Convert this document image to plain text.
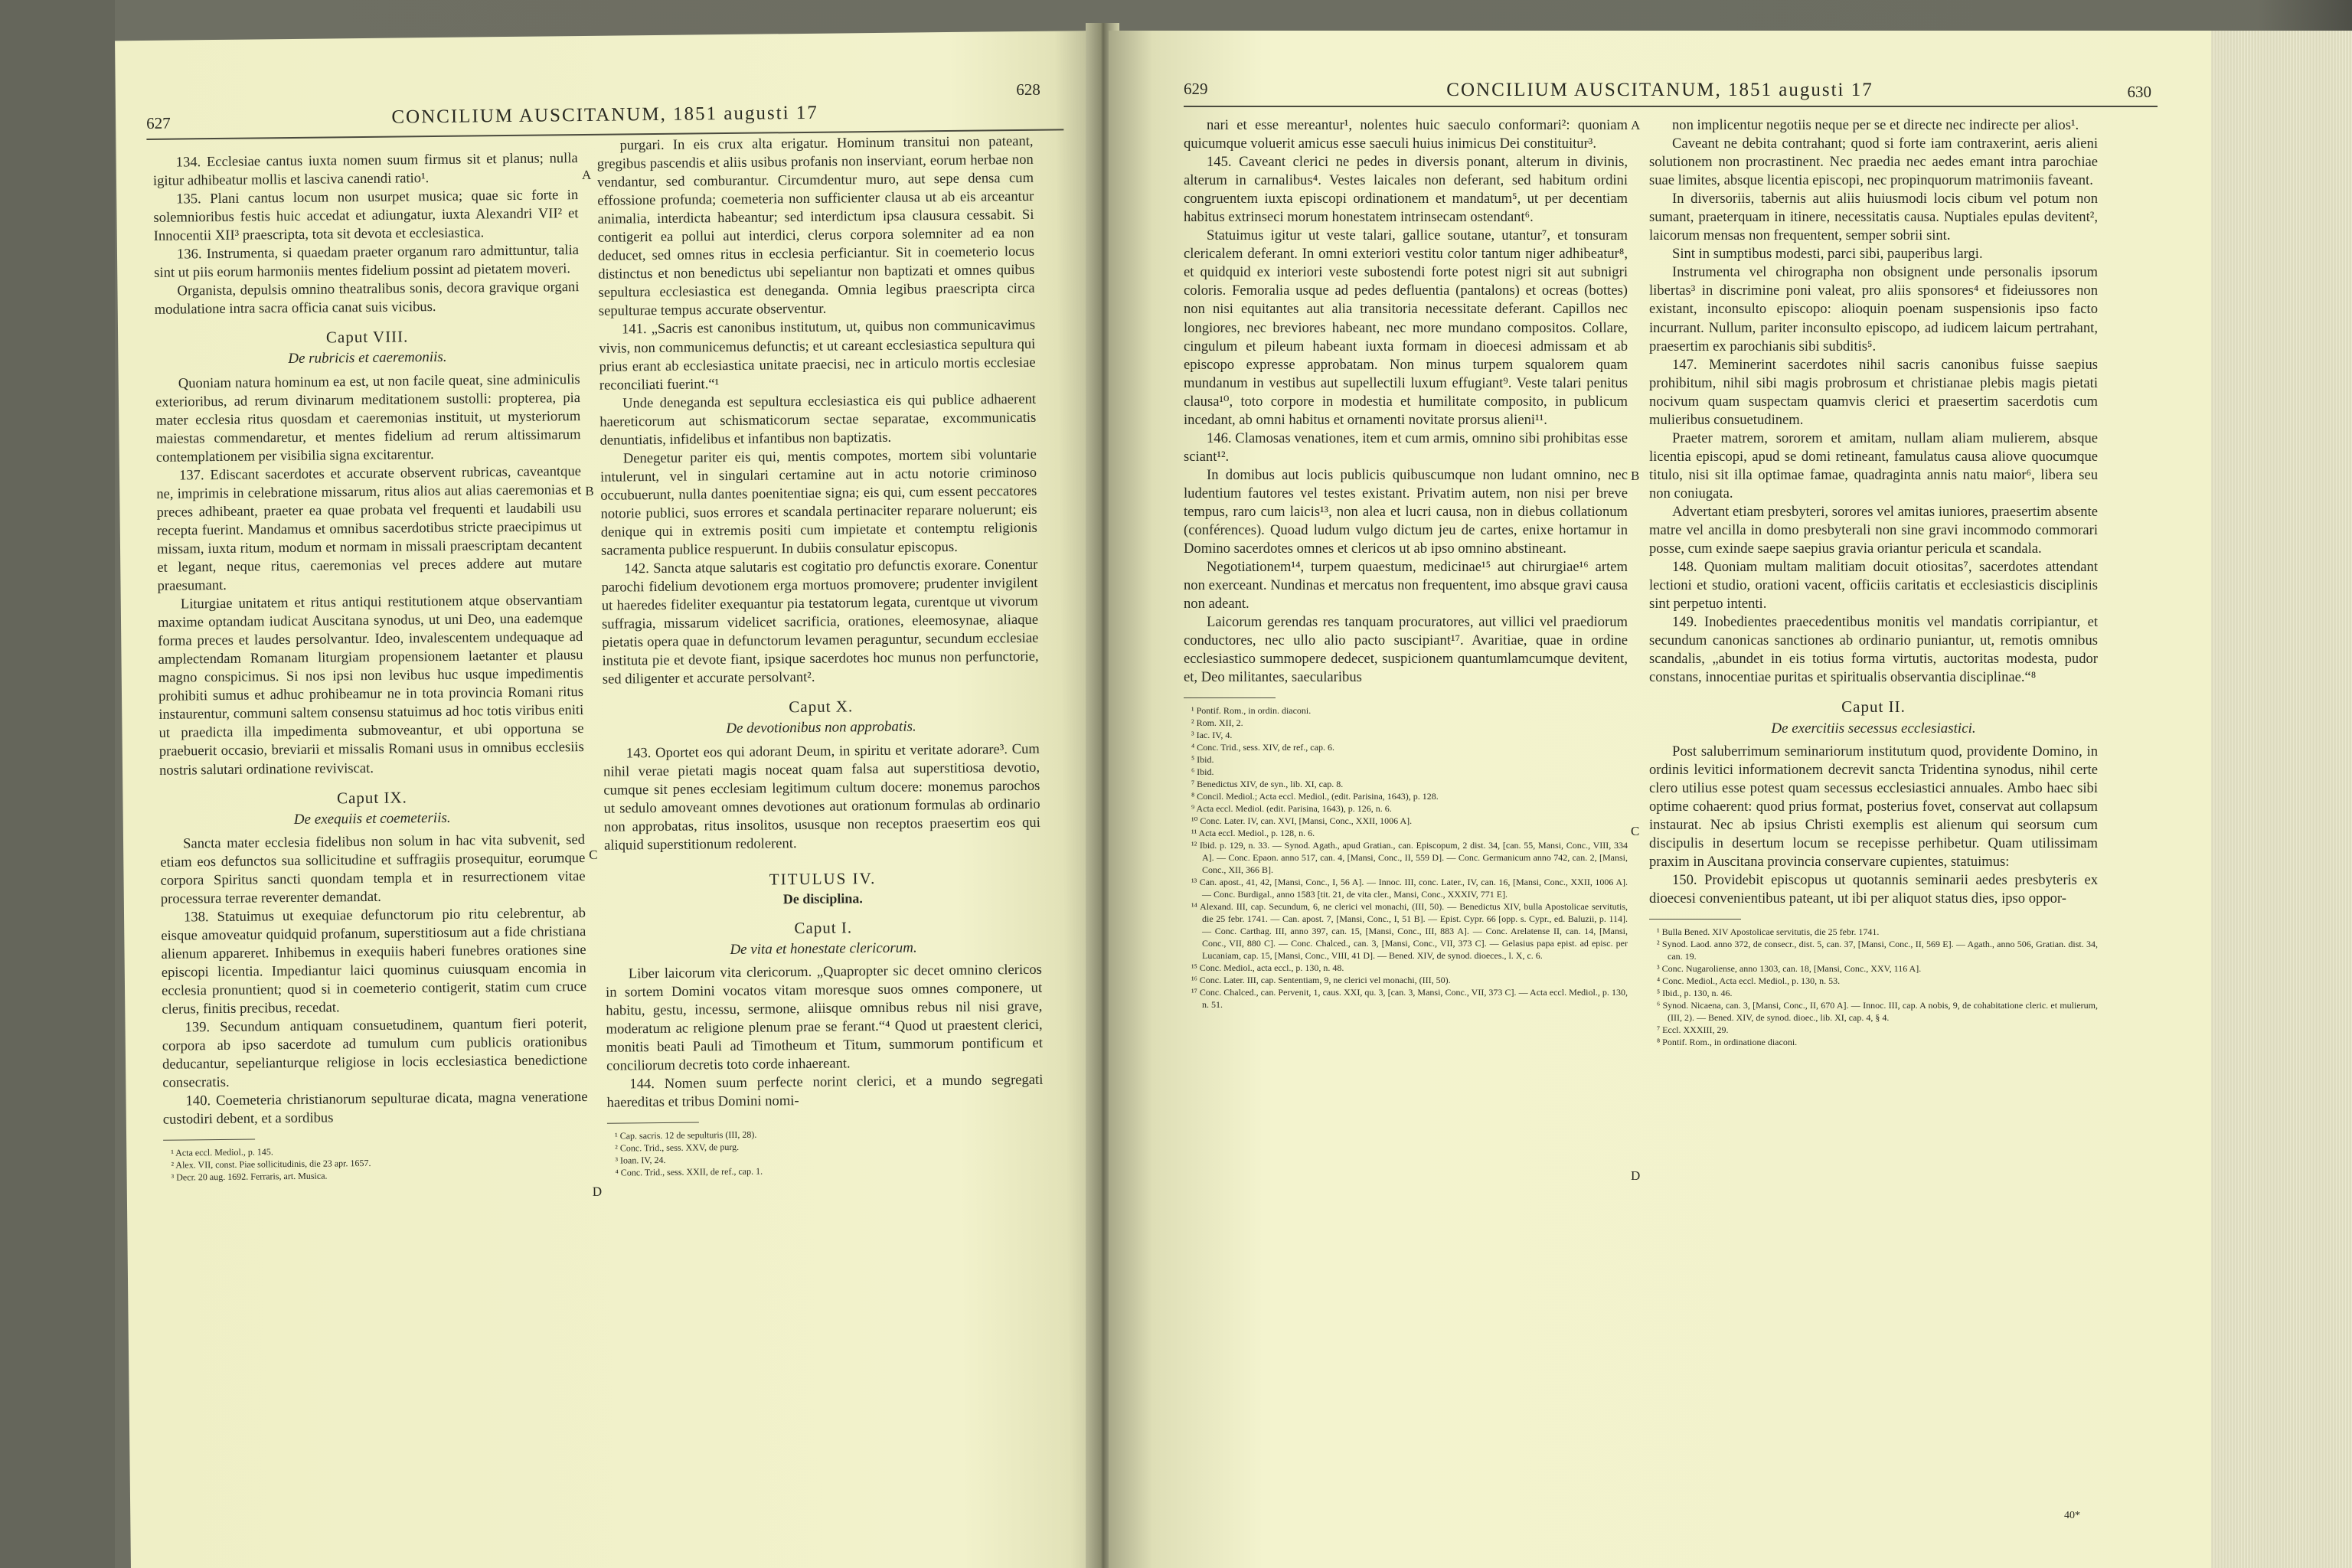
627	CONCILIUM AUSCITANUM, 1851 augusti 17
628

134. Ecclesiae cantus iuxta nomen suum firmus sit et planus; nulla igitur adhibeatur mollis et lasciva canendi ratio¹.

135. Plani cantus locum non usurpet musica; quae sic forte in solemnioribus festis huic accedat et adiungatur, iuxta Alexandri VII² et Innocentii XII³ praescripta, tota sit devota et ecclesiastica.

136. Instrumenta, si quaedam praeter organum raro admittuntur, talia sint ut piis eorum harmoniis mentes fidelium possint ad pietatem moveri.

Organista, depulsis omnino theatralibus sonis, decora gravique organi modulatione intra sacra officia canat suis vicibus.

Caput VIII.
De rubricis et caeremoniis.

Quoniam natura hominum ea est, ut non facile queat, sine adminiculis exterioribus, ad rerum divinarum meditationem sustolli: propterea, pia mater ecclesia ritus quosdam et caeremonias instituit, ut mysteriorum maiestas commendaretur, et mentes fidelium ad rerum altissimarum contemplationem per visibilia signa excitarentur.

137. Ediscant sacerdotes et accurate observent rubricas, caveantque ne, imprimis in celebratione missarum, ritus alios aut alias caeremonias et preces adhibeant, praeter ea quae probata vel frequenti et laudabili usu recepta fuerint. Mandamus et omnibus sacerdotibus stricte praecipimus ut missam, iuxta ritum, modum et normam in missali praescriptam decantent et legant, neque ritus, caeremonias vel preces addere aut mutare praesumant.

Liturgiae unitatem et ritus antiqui restitutionem atque observantiam maxime optandam iudicat Auscitana synodus, ut uni Deo, una eademque forma preces et laudes persolvantur. Ideo, invalescentem undequaque ad amplectendam Romanam liturgiam propensionem laetanter et plausu magno conspicimus. Si nos ipsi non levibus huc usque impedimentis prohibiti sumus et adhuc prohibeamur ne in tota provincia Romani ritus instaurentur, communi saltem consensu statuimus ad hoc totis viribus eniti ut praedicta illa impedimenta submoveantur, et ubi opportuna se praebuerit occasio, breviarii et missalis Romani usus in omnibus ecclesiis nostris salutari ordinatione reviviscat.

Caput IX.
De exequiis et coemeteriis.

Sancta mater ecclesia fidelibus non solum in hac vita subvenit, sed etiam eos defunctos sua sollicitudine et suffragiis prosequitur, eorumque corpora Spiritus sancti quondam templa et in resurrectionem vitae processura terrae reverenter demandat.

138. Statuimus ut exequiae defunctorum pio ritu celebrentur, ab eisque amoveatur quidquid profanum, superstitiosum aut a fide christiana alienum appareret. Inhibemus in exequiis haberi funebres orationes sine episcopi licentia. Impediantur laici quominus cuiusquam encomia in ecclesia pronuntient; quod si in coemeterio contigerit, statim cum cruce clerus, finitis precibus, recedat.

139. Secundum antiquam consuetudinem, quantum fieri poterit, corpora ab ipso sacerdote ad tumulum cum publicis orationibus deducantur, sepelianturque religiose in locis ecclesiastica benedictione consecratis.

140. Coemeteria christianorum sepulturae dicata, magna veneratione custodiri debent, et a sordibus

¹ Acta eccl. Mediol., p. 145.
² Alex. VII, const. Piae sollicitudinis, die 23 apr. 1657.
³ Decr. 20 aug. 1692. Ferraris, art. Musica.

purgari. In eis crux alta erigatur. Hominum transitui non pateant, gregibus pascendis et aliis usibus profanis non inserviant, eorum herbae non vendantur, sed comburantur. Circumdentur muro, aut sepe densa cum effossione profunda; coemeteria non sufficienter clausa ut ab eis arceantur animalia, interdicta habeantur; sed interdictum ipsa clausura cessabit. Si contigerit ea pollui aut interdici, clerus corpora solemniter ad ea non deducet, sed omnes ritus in ecclesia perficiantur. Sit in coemeterio locus distinctus et non benedictus ubi sepeliantur non baptizati et omnes quibus sepultura ecclesiastica est deneganda. Omnia legibus praescripta circa sepulturae tempus accurate observentur.

141. „Sacris est canonibus institutum, ut, quibus non communicavimus vivis, non communicemus defunctis; et ut careant ecclesiastica sepultura qui prius erant ab ecclesiastica unitate praecisi, nec in articulo mortis ecclesiae reconciliati fuerint.“¹

Unde deneganda est sepultura ecclesiastica eis qui publice adhaerent haereticorum aut schismaticorum sectae separatae, excommunicatis denuntiatis, infidelibus et infantibus non baptizatis.

Denegetur pariter eis qui, mentis compotes, mortem sibi voluntarie intulerunt, vel in singulari certamine aut in actu notorie criminoso occubuerunt, nulla dantes poenitentiae signa; eis qui, cum essent peccatores notorie publici, suos errores et scandala pertinaciter reparare noluerunt; eis denique qui in extremis positi cum impietate et contemptu religionis sacramenta publice respuerunt. In dubiis consulatur episcopus.

142. Sancta atque salutaris est cogitatio pro defunctis exorare. Conentur parochi fidelium devotionem erga mortuos promovere; prudenter invigilent ut haeredes fideliter exequantur pia testatorum legata, curentque ut vivorum suffragia, missarum videlicet sacrificia, orationes, eleemosynae, aliaque pietatis opera quae in defunctorum levamen peraguntur, secundum ecclesiae instituta pie et devote fiant, ipsique sacerdotes hoc munus non perfunctorie, sed diligenter et accurate persolvant².

Caput X.
De devotionibus non approbatis.

143. Oportet eos qui adorant Deum, in spiritu et veritate adorare³. Cum nihil verae pietati magis noceat quam falsa aut superstitiosa devotio, cumque sit penes ecclesiam legitimum cultum docere: monemus parochos ut sedulo amoveant omnes devotiones aut orationum formulas ab ordinario non approbatas, ritus insolitos, ususque non receptos praesertim eos qui aliquid superstitionum redolerent.

TITULUS IV.
De disciplina.
Caput I.
De vita et honestate clericorum.

Liber laicorum vita clericorum. „Quapropter sic decet omnino clericos in sortem Domini vocatos vitam moresque suos omnes componere, ut habitu, gestu, incessu, sermone, aliisque omnibus rebus nil nisi grave, moderatum ac religione plenum prae se ferant.“⁴ Quod ut praestent clerici, monitis beati Pauli ad Timotheum et Titum, summorum pontificum et conciliorum decretis toto corde inhaereant.

144. Nomen suum perfecte norint clerici, et a mundo segregati haereditas et tribus Domini nomi-

¹ Cap. sacris. 12 de sepulturis (III, 28).
² Conc. Trid., sess. XXV, de purg.
³ Ioan. IV, 24.
⁴ Conc. Trid., sess. XXII, de ref., cap. 1.
A
B
C
D
629	CONCILIUM AUSCITANUM, 1851 augusti 17	630

nari et esse mereantur¹, nolentes huic saeculo conformari²: quoniam quicumque voluerit amicus esse saeculi huius inimicus Dei constituitur³.

145. Caveant clerici ne pedes in diversis ponant, alterum in divinis, alterum in carnalibus⁴. Vestes laicales non deferant, sed habitum ordini congruentem iuxta episcopi ordinationem et mandatum⁵, ut per decentiam habitus extrinseci morum honestatem intrinsecam ostendant⁶.

Statuimus igitur ut veste talari, gallice soutane, utantur⁷, et tonsuram clericalem deferant. In omni exteriori vestitu color tantum niger adhibeatur⁸, et quidquid ex interiori veste subostendi forte potest nigri sit aut subnigri coloris. Femoralia usque ad pedes defluentia (pantalons) et ocreas (bottes) non nisi equitantes aut alia transitoria necessitate deferant. Capillos nec longiores, nec breviores habeant, nec more mundano compositos. Collare, cingulum et pileum habeant iuxta formam in dioecesi admissam et ab episcopo expresse approbatam. Non minus turpem squalorem quam mundanum in vestibus aut supellectili luxum effugiant⁹. Veste talari penitus clausa¹⁰, toto corpore in modestia et humilitate composito, in publicum incedant, ab omni habitus et ornamenti novitate prorsus alieni¹¹.

146. Clamosas venationes, item et cum armis, omnino sibi prohibitas esse sciant¹².

In domibus aut locis publicis quibuscumque non ludant omnino, nec ludentium fautores vel testes existant. Privatim autem, non nisi per breve tempus, raro cum laicis¹³, non alea et lucri causa, non in diebus collationum (conférences). Quoad ludum vulgo dictum jeu de cartes, enixe hortamur in Domino sacerdotes omnes et clericos ut ab ipso omnino abstineant.

Negotiationem¹⁴, turpem quaestum, medicinae¹⁵ aut chirurgiae¹⁶ artem non exerceant. Nundinas et mercatus non frequentent, imo absque gravi causa non adeant.

Laicorum gerendas res tanquam procuratores, aut villici vel praediorum conductores, nec ullo alio pacto suscipiant¹⁷. Avaritiae, quae in ordine ecclesiastico summopere dedecet, suspicionem quantumlamcumque devitent, et, Deo militantes, saecularibus

¹ Pontif. Rom., in ordin. diaconi.
² Rom. XII, 2.
³ Iac. IV, 4.
⁴ Conc. Trid., sess. XIV, de ref., cap. 6.
⁵ Ibid.
⁶ Ibid.
⁷ Benedictus XIV, de syn., lib. XI, cap. 8.
⁸ Concil. Mediol.; Acta eccl. Mediol., (edit. Parisina, 1643), p. 128.
⁹ Acta eccl. Mediol. (edit. Parisina, 1643), p. 126, n. 6.
¹⁰ Conc. Later. IV, can. XVI, [Mansi, Conc., XXII, 1006 A].
¹¹ Acta eccl. Mediol., p. 128, n. 6.
¹² Ibid. p. 129, n. 33. — Synod. Agath., apud Gratian., can. Episcopum, 2 dist. 34, [can. 55, Mansi, Conc., VIII, 334 A]. — Conc. Epaon. anno 517, can. 4, [Mansi, Conc., II, 559 D]. — Conc. Germanicum anno 742, can. 2, [Mansi, Conc., XII, 366 B].
¹³ Can. apost., 41, 42, [Mansi, Conc., I, 56 A]. — Innoc. III, conc. Later., IV, can. 16, [Mansi, Conc., XXII, 1006 A]. — Conc. Burdigal., anno 1583 [tit. 21, de vita cler., Mansi, Conc., XXXIV, 771 E].
¹⁴ Alexand. III, cap. Secundum, 6, ne clerici vel monachi, (III, 50). — Benedictus XIV, bulla Apostolicae servitutis, die 25 febr. 1741. — Can. apost. 7, [Mansi, Conc., I, 51 B]. — Epist. Cypr. 66 [opp. s. Cypr., ed. Baluzii, p. 114]. — Conc. Carthag. III, anno 397, can. 15, [Mansi, Conc., III, 883 A]. — Conc. Arelatense II, can. 14, [Mansi, Conc., VII, 880 C]. — Conc. Chalced., can. 3, [Mansi, Conc., VII, 373 C]. — Gelasius papa epist. ad episc. per Lucaniam, cap. 15, [Mansi, Conc., VIII, 41 D]. — Bened. XIV, de synod. dioeces., l. X, c. 6.
¹⁵ Conc. Mediol., acta eccl., p. 130, n. 48.
¹⁶ Conc. Later. III, cap. Sententiam, 9, ne clerici vel monachi, (III, 50).
¹⁷ Conc. Chalced., can. Pervenit, 1, caus. XXI, qu. 3, [can. 3, Mansi, Conc., VII, 373 C]. — Acta eccl. Mediol., p. 130, n. 51.

non implicentur negotiis neque per se et directe nec indirecte per alios¹.

Caveant ne debita contrahant; quod si forte iam contraxerint, aeris alieni solutionem non procrastinent. Nec praedia nec aedes emant intra parochiae suae limites, absque licentia episcopi, nec propinquorum matrimoniis faveant.

In diversoriis, tabernis aut aliis huiusmodi locis cibum vel potum non sumant, praeterquam in itinere, necessitatis causa. Nuptiales epulas devitent², laicorum mensas non frequentent, semper sobrii sint.

Sint in sumptibus modesti, parci sibi, pauperibus largi.

Instrumenta vel chirographa non obsignent unde personalis ipsorum libertas³ in discrimine poni valeat, pro aliis sponsores⁴ et fideiussores non existant, inconsulto episcopo: alioquin poenam suspensionis ipso facto incurrant. Nullum, pariter inconsulto episcopo, ad iudicem laicum pertrahant, praesertim ex parochianis sibi subditis⁵.

147. Meminerint sacerdotes nihil sacris canonibus fuisse saepius prohibitum, nihil sibi magis probrosum et christianae plebis magis pietati nocivum quam suspectam quamvis clerici et praesertim sacerdotis cum mulieribus consuetudinem.

Praeter matrem, sororem et amitam, nullam aliam mulierem, absque licentia episcopi, apud se domi retineant, famulatus causa aliove quocumque titulo, nisi sit illa optimae famae, quadraginta annis natu maior⁶, libera seu non coniugata.

Advertant etiam presbyteri, sorores vel amitas iuniores, praesertim absente matre vel ancilla in domo presbyterali non sine gravi incommodo commorari posse, cum exinde saepe saepius gravia oriantur pericula et scandala.

148. Quoniam multam malitiam docuit otiositas⁷, sacerdotes attendant lectioni et studio, orationi vacent, officiis caritatis et ecclesiasticis disciplinis sint perpetuo intenti.

149. Inobedientes praecedentibus monitis vel mandatis corripiantur, et secundum canonicas sanctiones ab ordinario puniantur, ut, remotis omnibus scandalis, „abundet in eis totius forma virtutis, auctoritas modesta, pudor constans, innocentiae puritas et spiritualis observantia disciplinae.“⁸

Caput II.
De exercitiis secessus ecclesiastici.

Post saluberrimum seminariorum institutum quod, providente Domino, in ordinis levitici informationem decrevit sancta Tridentina synodus, nihil certe clero utilius esse potest quam secessus ecclesiastici annuales. Ambo haec sibi optime cohaerent: quod prius format, posterius fovet, conservat aut collapsum instaurat. Nec ab ipsius Christi exemplis est alienum qui seorsum cum discipulis in desertum locum se recepisse perhibetur. Quam utilissimam praxim in Auscitana provincia conservare cupientes, statuimus:

150. Providebit episcopus ut quotannis seminarii aedes presbyteris ex dioecesi convenientibus pateant, ut ibi per aliquot status dies, ipso oppor-

¹ Bulla Bened. XIV Apostolicae servitutis, die 25 febr. 1741.
² Synod. Laod. anno 372, de consecr., dist. 5, can. 37, [Mansi, Conc., II, 569 E]. — Agath., anno 506, Gratian. dist. 34, can. 19.
³ Conc. Nugaroliense, anno 1303, can. 18, [Mansi, Conc., XXV, 116 A].
⁴ Conc. Mediol., Acta eccl. Mediol., p. 130, n. 53.
⁵ Ibid., p. 130, n. 46.
⁶ Synod. Nicaena, can. 3, [Mansi, Conc., II, 670 A]. — Innoc. III, cap. A nobis, 9, de cohabitatione cleric. et mulierum, (III, 2). — Bened. XIV, de synod. dioec., lib. XI, cap. 4, § 4.
⁷ Eccl. XXXIII, 29.
⁸ Pontif. Rom., in ordinatione diaconi.
A
B
C
D
40*
